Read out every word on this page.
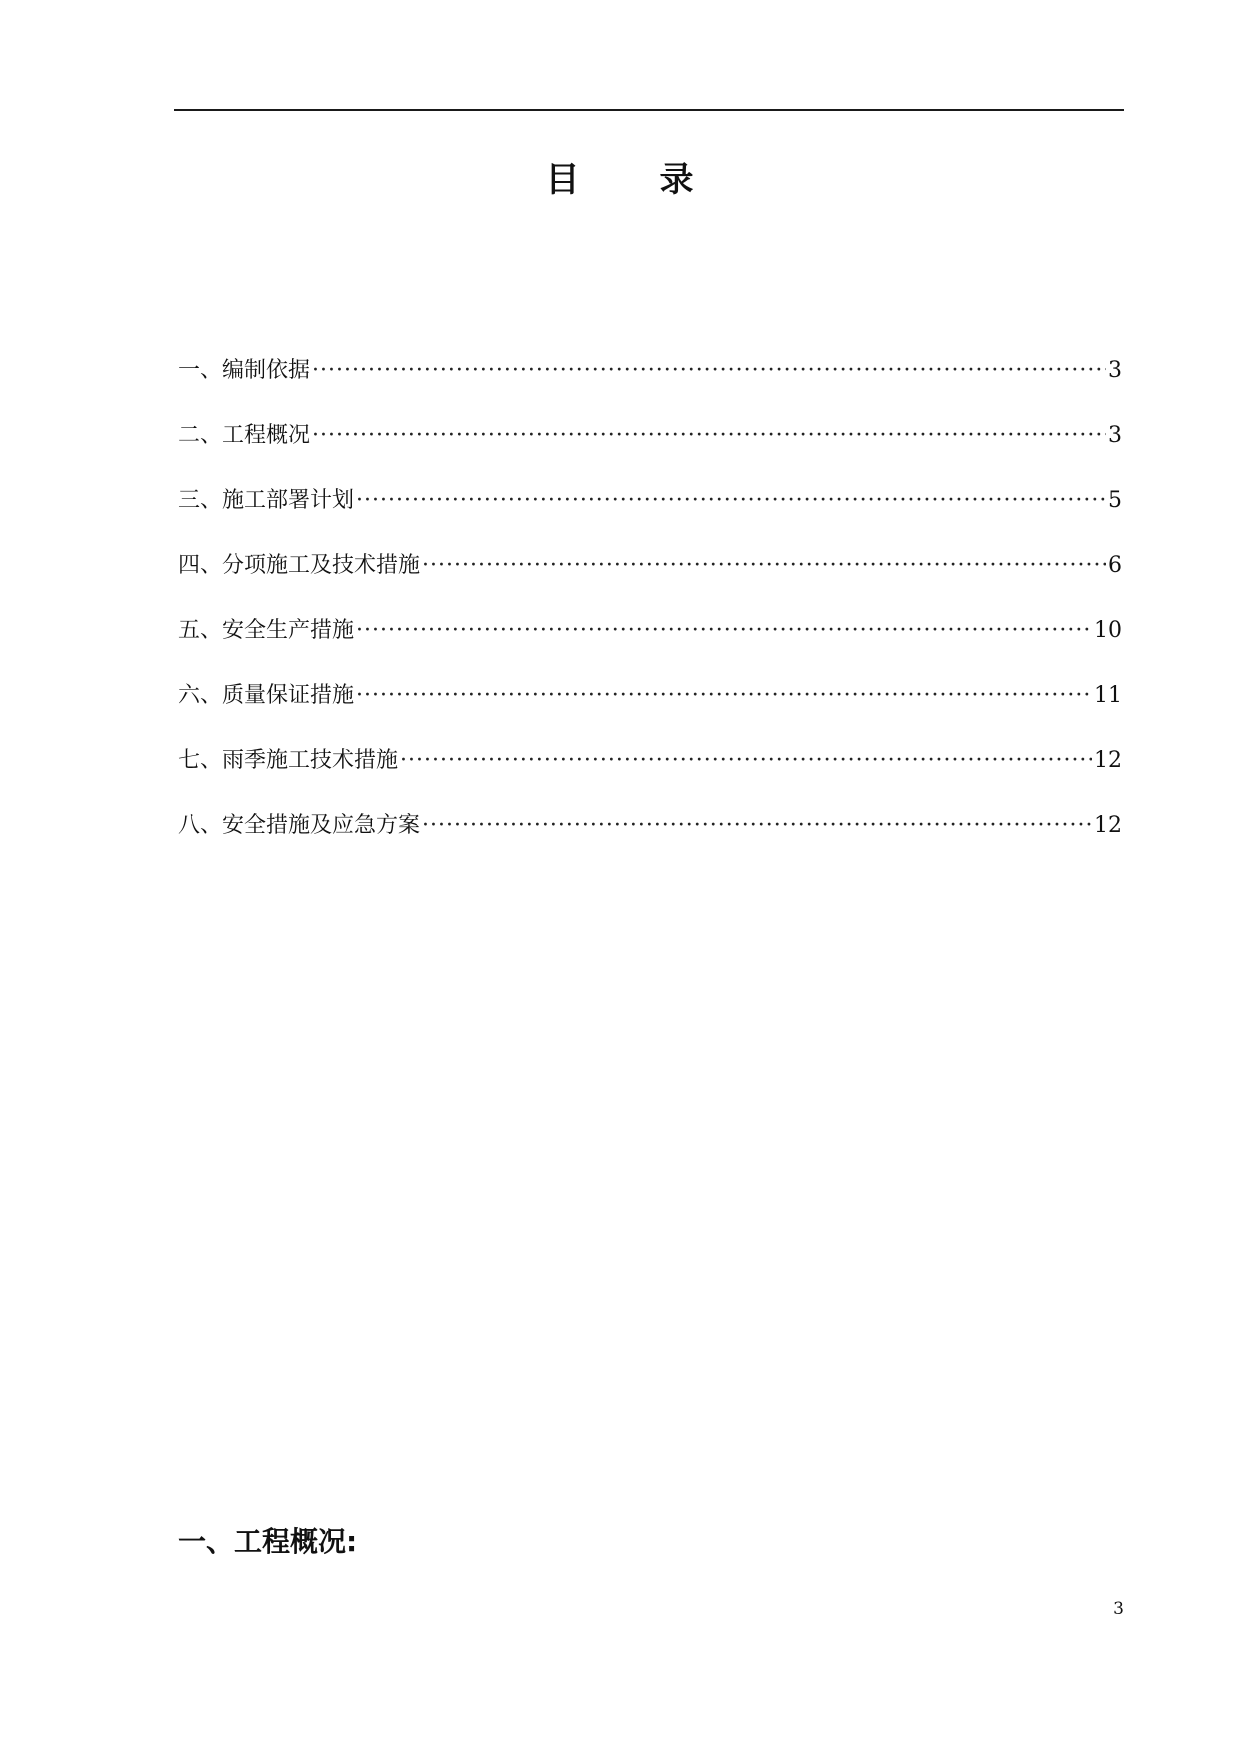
目 录
一、编制依据 ·····	3
二、工程概况 ·····	3
三、施工部署计划 ·····	5
四、分项施工及技术措施 ·····	6
五、安全生产措施 ·····	10
六、质量保证措施 ·····	11
七、雨季施工技术措施 ·····	12
八、安全措施及应急方案 ·····	12
一、工程概况:
3
